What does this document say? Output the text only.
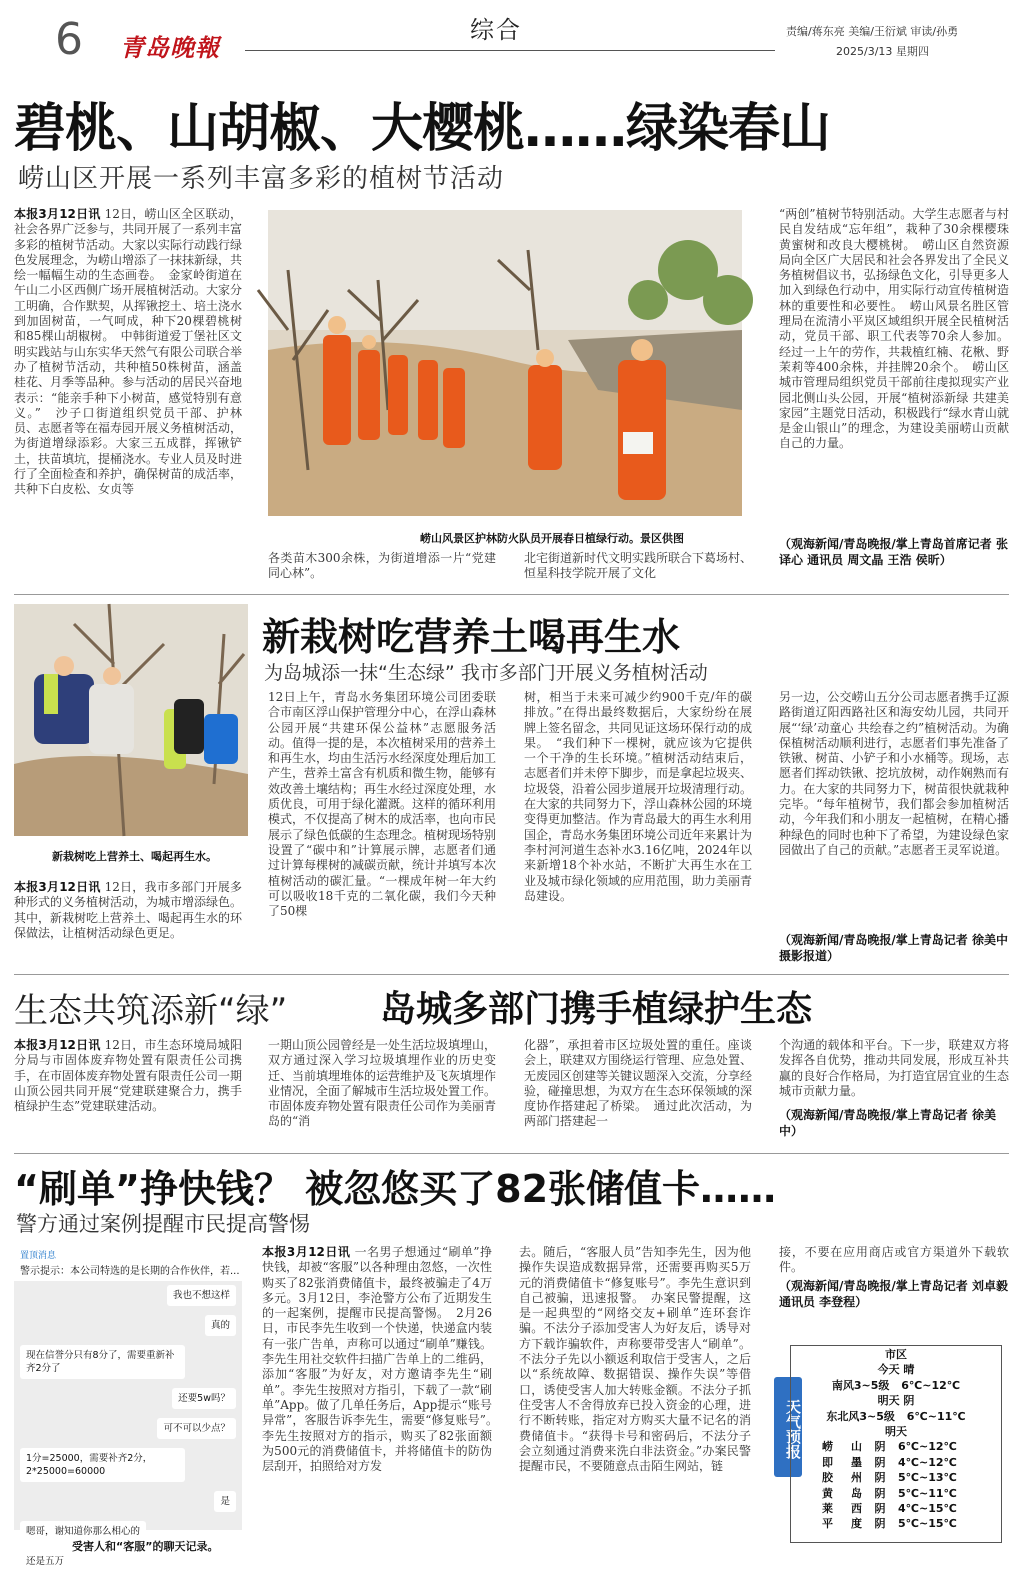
6 青岛晚報
综合	责编/蒋东亮 美编/王衍斌 审读/孙勇
2025/3/13 星期四
碧桃、山胡椒、大樱桃……绿染春山
崂山区开展一系列丰富多彩的植树节活动
本报3月12日讯 12日，崂山区全区联动，社会各界广泛参与，共同开展了一系列丰富多彩的植树节活动。大家以实际行动践行绿色发展理念，为崂山增添了一抹抹新绿，共绘一幅幅生动的生态画卷。　金家岭街道在午山二小区西侧广场开展植树活动。大家分工明确，合作默契，从挥锹挖土、培土浇水到加固树苗，一气呵成，种下20棵碧桃树和85棵山胡椒树。　中韩街道爱丁堡社区文明实践站与山东实华天然气有限公司联合举办了植树节活动，共种植50株树苗，涵盖桂花、月季等品种。参与活动的居民兴奋地表示：“能亲手种下小树苗，感觉特别有意义。”　沙子口街道组织党员干部、护林员、志愿者等在福寿园开展义务植树活动，为街道增绿添彩。大家三五成群，挥锹铲土，扶苗填坑，提桶浇水。专业人员及时进行了全面检查和养护，确保树苗的成活率，共种下白皮松、女贞等
崂山风景区护林防火队员开展春日植绿行动。景区供图
各类苗木300余株，为街道增添一片“党建同心林”。
北宅街道新时代文明实践所联合下葛场村、恒星科技学院开展了文化
“两创”植树节特别活动。大学生志愿者与村民自发结成“忘年组”，栽种了30余棵樱珠黄蜜树和改良大樱桃树。　崂山区自然资源局向全区广大居民和社会各界发出了全民义务植树倡议书，弘扬绿色文化，引导更多人加入到绿色行动中，用实际行动宣传植树造林的重要性和必要性。　崂山风景名胜区管理局在流清小平岚区域组织开展全民植树活动，党员干部、职工代表等70余人参加。经过一上午的劳作，共栽植红楠、花楸、野茉莉等400余株，并挂牌20余个。　崂山区城市管理局组织党员干部前往虔拟现实产业园北侧山头公园，开展“植树添新绿 共建美家园”主题党日活动，积极践行“绿水青山就是金山银山”的理念，为建设美丽崂山贡献自己的力量。
（观海新闻/青岛晚报/掌上青岛首席记者 张译心 通讯员 周文晶 王浩 侯昕）
新栽树吃上营养土、喝起再生水。
新栽树吃营养土喝再生水
为岛城添一抹“生态绿” 我市多部门开展义务植树活动
本报3月12日讯 12日，我市多部门开展多种形式的义务植树活动，为城市增添绿色。其中，新栽树吃上营养土、喝起再生水的环保做法，让植树活动绿色更足。
12日上午，青岛水务集团环境公司团委联合市南区浮山保护管理分中心，在浮山森林公园开展“共建环保公益林”志愿服务活动。值得一提的是，本次植树采用的营养土和再生水，均由生活污水经深度处理后加工产生，营养土富含有机质和微生物，能够有效改善土壤结构；再生水经过深度处理，水质优良，可用于绿化灌溉。这样的循环利用模式，不仅提高了树木的成活率，也向市民展示了绿色低碳的生态理念。植树现场特别设置了“碳中和”计算展示牌，志愿者们通过计算每棵树的减碳贡献，统计并填写本次植树活动的碳汇量。“一棵成年树一年大约可以吸收18千克的二氧化碳，我们今天种了50棵
树，相当于未来可减少约900千克/年的碳排放。”在得出最终数据后，大家纷纷在展牌上签名留念，共同见证这场环保行动的成果。　“我们种下一棵树，就应该为它提供一个干净的生长环境。”植树活动结束后，志愿者们并未停下脚步，而是拿起垃圾夹、垃圾袋，沿着公园步道展开垃圾清理行动。在大家的共同努力下，浮山森林公园的环境变得更加整洁。作为青岛最大的再生水利用国企，青岛水务集团环境公司近年来累计为李村河河道生态补水3.16亿吨，2024年以来新增18个补水站，不断扩大再生水在工业及城市绿化领域的应用范围，助力美丽青岛建设。
另一边，公交崂山五分公司志愿者携手辽源路街道辽阳西路社区和海安幼儿园，共同开展“‘绿’动童心 共绘春之约”植树活动。为确保植树活动顺利进行，志愿者们事先准备了铁锹、树苗、小铲子和小水桶等。现场，志愿者们挥动铁锹、挖坑放树，动作娴熟而有力。在大家的共同努力下，树苗很快就栽种完毕。“每年植树节，我们都会参加植树活动，今年我们和小朋友一起植树，在精心播种绿色的同时也种下了希望，为建设绿色家园做出了自己的贡献。”志愿者王灵军说道。
（观海新闻/青岛晚报/掌上青岛记者 徐美中 摄影报道）
生态共筑添新“绿”	岛城多部门携手植绿护生态
本报3月12日讯 12日，市生态环境局城阳分局与市固体废弃物处置有限责任公司携手，在市固体废弃物处置有限责任公司一期山顶公园共同开展“党建联建聚合力，携手植绿护生态”党建联建活动。
一期山顶公园曾经是一处生活垃圾填埋山，双方通过深入学习垃圾填埋作业的历史变迁、当前填埋堆体的运营维护及飞灰填埋作业情况，全面了解城市生活垃圾处置工作。市固体废弃物处置有限责任公司作为美丽青岛的“消
化器”，承担着市区垃圾处置的重任。座谈会上，联建双方围绕运行管理、应急处置、无废园区创建等关键议题深入交流，分享经验，碰撞思想，为双方在生态环保领域的深度协作搭建起了桥梁。　通过此次活动，为两部门搭建起一
个沟通的载体和平台。下一步，联建双方将发挥各自优势，推动共同发展，形成互补共赢的良好合作格局，为打造宜居宜业的生态城市贡献力量。
（观海新闻/青岛晚报/掌上青岛记者 徐美中）
“刷单”挣快钱？ 被忽悠买了82张储值卡……
警方通过案例提醒市民提高警惕
置顶消息
警示提示：本公司特选的是长期的合作伙伴，若...
我也不想这样
真的
现在信誉分只有8分了，需要重新补齐2分了
还要5w吗？
可不可以少点？
1分=25000，需要补齐2分，2*25000=60000
是
嗯哥，谢知道你那么相心的
还是五万
受害人和“客服”的聊天记录。
本报3月12日讯 一名男子想通过“刷单”挣快钱，却被“客服”以各种理由忽悠，一次性购买了82张消费储值卡，最终被骗走了4万多元。3月12日，李沧警方公布了近期发生的一起案例，提醒市民提高警惕。　2月26日，市民李先生收到一个快递，快递盒内装有一张广告单，声称可以通过“刷单”赚钱。李先生用社交软件扫描广告单上的二维码，添加“客服”为好友，对方邀请李先生“刷单”。李先生按照对方指引，下载了一款“刷单”App。做了几单任务后，App提示“账号异常”，客服告诉李先生，需要“修复账号”。　李先生按照对方的指示，购买了82张面额为500元的消费储值卡，并将储值卡的防伪层刮开，拍照给对方发
去。随后，“客服人员”告知李先生，因为他操作失误造成数据异常，还需要再购买5万元的消费储值卡“修复账号”。李先生意识到自己被骗，迅速报警。　办案民警提醒，这是一起典型的“网络交友+刷单”连环套诈骗。不法分子添加受害人为好友后，诱导对方下载诈骗软件，声称要带受害人“刷单”。不法分子先以小额返利取信于受害人，之后以“系统故障、数据错误、操作失误”等借口，诱使受害人加大转账金额。不法分子抓住受害人不舍得放弃已投入资金的心理，进行不断转账，指定对方购买大量不记名的消费储值卡。“获得卡号和密码后，不法分子会立刻通过消费来洗白非法资金。”办案民警提醒市民，不要随意点击陌生网站，链
接，不要在应用商店或官方渠道外下载软件。
（观海新闻/青岛晚报/掌上青岛记者 刘卓毅 通讯员 李登程）
天气预报
市区
今天 晴
南风3~5级 6℃~12℃
明天 阴
东北风3~5级 6℃~11℃
明天
崂山 阴 6℃~12℃
即墨 阴 4℃~12℃
胶州 阴 5℃~13℃
黄岛 阴 5℃~11℃
莱西 阴 4℃~15℃
平度 阴 5℃~15℃
